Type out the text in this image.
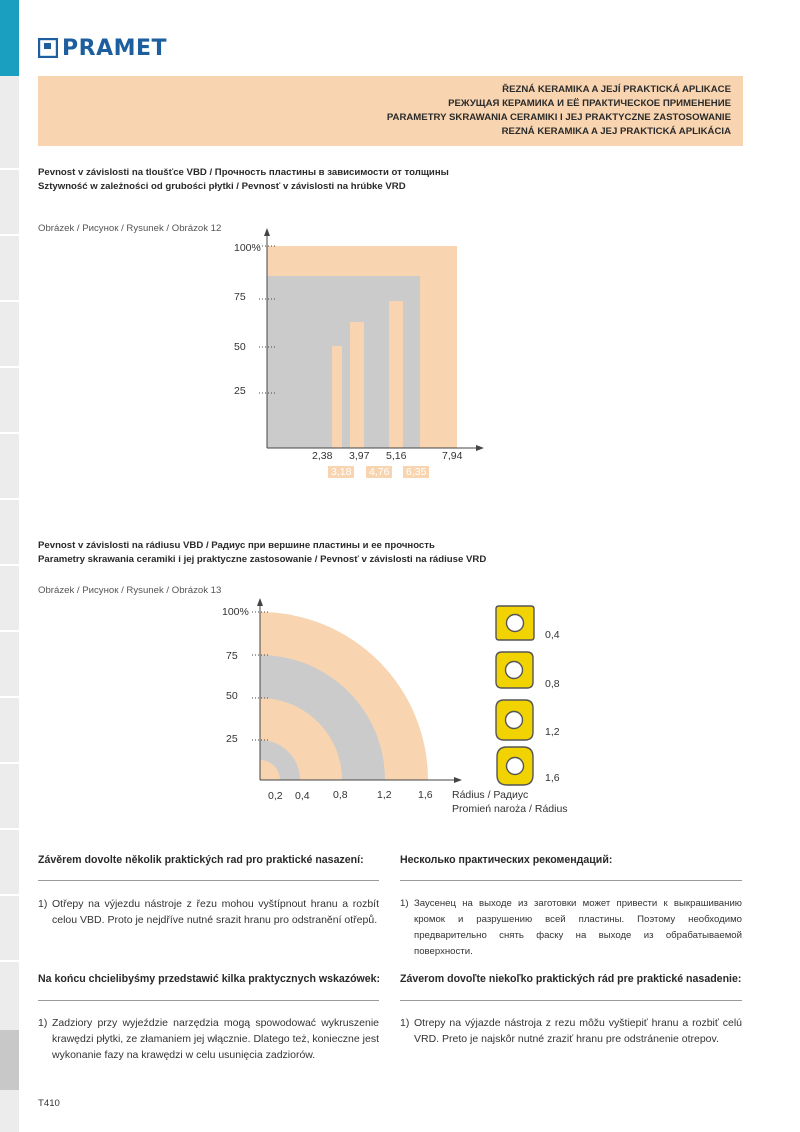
PRAMET
ŘEZNÁ KERAMIKA A JEJÍ PRAKTICKÁ APLIKACE
РЕЖУЩАЯ КЕРАМИКА И ЕЁ ПРАКТИЧЕСКОЕ ПРИМЕНЕНИЕ
PARAMETRY SKRAWANIA CERAMIKI I JEJ PRAKTYCZNE ZASTOSOWANIE
REZNÁ KERAMIKA A JEJ PRAKTICKÁ APLIKÁCIA
Pevnost v závislosti na tloušťce VBD / Прочность пластины в зависимости от толщины
Sztywność w zależności od grubości płytki / Pevnosť v závislosti na hrúbke VRD
Obrázek / Рисунок / Rysunek / Obrázok 12
100%
75
50
25
2,38 3,97 5,16	7,94
3,18 4,76 6,35
Pevnost v závislosti na rádiusu VBD / Радиус при вершине пластины и ее прочность
Parametry skrawania ceramiki i jej praktyczne zastosowanie / Pevnosť v závislosti na rádiuse VRD
Obrázek / Рисунок / Rysunek / Obrázok 13
100%
75
50
25
0,2 0,4 0,8	1,2	1,6 Rádius / Радиус
Promień naroża / Rádius
0,4
0,8
1,2
1,6
Závěrem dovolte několik praktických rad pro praktické nasazení:
1) Otřepy na výjezdu nástroje z řezu mohou vyštípnout hranu a rozbít celou VBD. Proto je nejdříve nutné srazit hranu pro odstranění otřepů.
Несколько практических рекомендаций:
1) Заусенец на выходе из заготовки может привести к выкрашиванию кромок и разрушению всей пластины. Поэтому необходимо предварительно снять фаску на выходе из обрабатываемой поверхности.
Na końcu chcielibyśmy przedstawić kilka praktycznych wskazówek:
1) Zadziory przy wyjeździe narzędzia mogą spowodować wykruszenie krawędzi płytki, ze złamaniem jej włącznie. Dlatego też, konieczne jest wykonanie fazy na krawędzi w celu usunięcia zadziorów.
Záverom dovoľte niekoľko praktických rád pre praktické nasadenie:
1) Otrepy na výjazde nástroja z rezu môžu vyštiepiť hranu a rozbiť celú VRD. Preto je najskôr nutné zraziť hranu pre odstránenie otrepov.
T410
